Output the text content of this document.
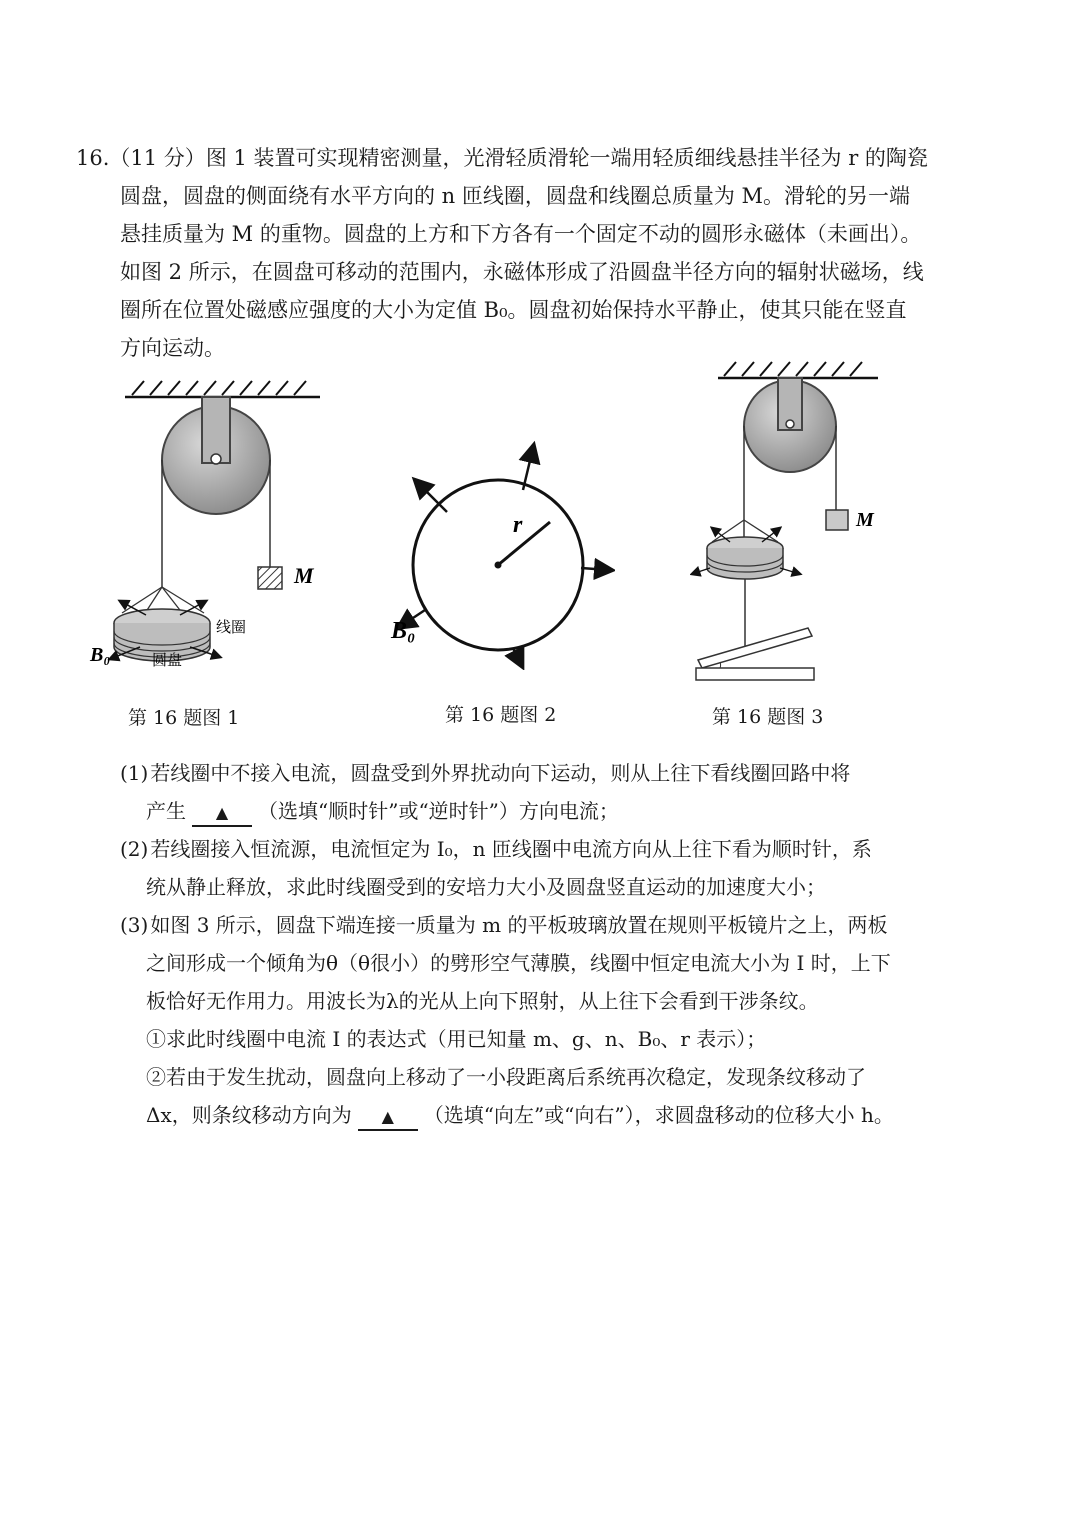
16.（11 分）图 1 装置可实现精密测量，光滑轻质滑轮一端用轻质细线悬挂半径为 r 的陶瓷
圆盘，圆盘的侧面绕有水平方向的 n 匝线圈，圆盘和线圈总质量为 M。滑轮的另一端
悬挂质量为 M 的重物。圆盘的上方和下方各有一个固定不动的圆形永磁体（未画出）。
如图 2 所示，在圆盘可移动的范围内，永磁体形成了沿圆盘半径方向的辐射状磁场，线
圈所在位置处磁感应强度的大小为定值 B₀。圆盘初始保持水平静止，使其只能在竖直
方向运动。
M
线圈
圆盘
B₀
第 16 题图 1
r
B₀
第 16 题图 2
M
第 16 题图 3
(1) 若线圈中不接入电流，圆盘受到外界扰动向下运动，则从上往下看线圈回路中将
产生 ▲ （选填“顺时针”或“逆时针”）方向电流；
(2) 若线圈接入恒流源，电流恒定为 I₀，n 匝线圈中电流方向从上往下看为顺时针，系
统从静止释放，求此时线圈受到的安培力大小及圆盘竖直运动的加速度大小；
(3) 如图 3 所示，圆盘下端连接一质量为 m 的平板玻璃放置在规则平板镜片之上，两板
之间形成一个倾角为θ（θ很小）的劈形空气薄膜，线圈中恒定电流大小为 I 时，上下
板恰好无作用力。用波长为λ的光从上向下照射，从上往下会看到干涉条纹。
①求此时线圈中电流 I 的表达式（用已知量 m、g、n、B₀、r 表示）；
②若由于发生扰动，圆盘向上移动了一小段距离后系统再次稳定，发现条纹移动了
Δx，则条纹移动方向为 ▲ （选填“向左”或“向右”），求圆盘移动的位移大小 h。
